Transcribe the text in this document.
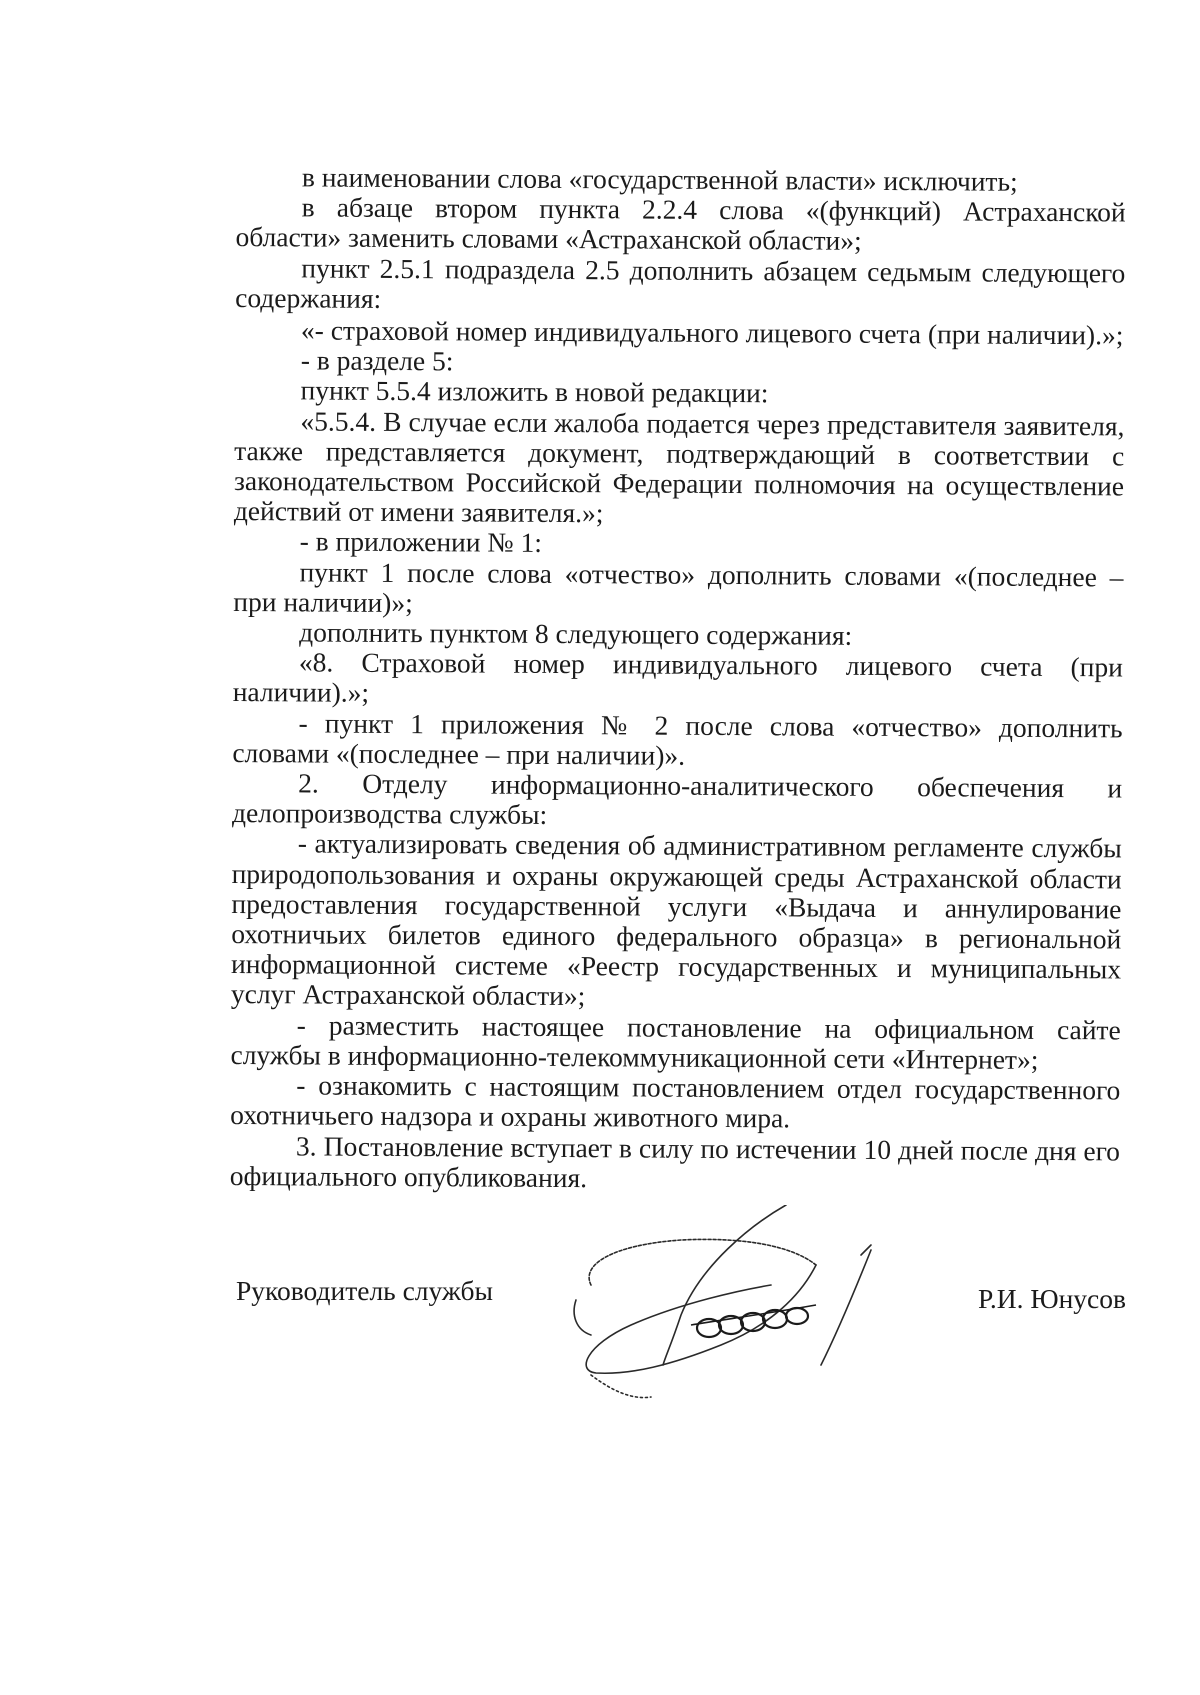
в наименовании слова «государственной власти» исключить;

в абзаце втором пункта 2.2.4 слова «(функций) Астраханской области» заменить словами «Астраханской области»;

пункт 2.5.1 подраздела 2.5 дополнить абзацем седьмым следующего содержания:

«- страховой номер индивидуального лицевого счета (при наличии).»;

- в разделе 5:

пункт 5.5.4 изложить в новой редакции:

«5.5.4. В случае если жалоба подается через представителя заявителя, также представляется документ, подтверждающий в соответствии с законодательством Российской Федерации полномочия на осуществление действий от имени заявителя.»;

- в приложении № 1:

пункт 1 после слова «отчество» дополнить словами «(последнее – при наличии)»;

дополнить пунктом 8 следующего содержания:

«8. Страховой номер индивидуального лицевого счета (при наличии).»;

- пункт 1 приложения № 2 после слова «отчество» дополнить словами «(последнее – при наличии)».

2. Отделу информационно-аналитического обеспечения и делопроизводства службы:

- актуализировать сведения об административном регламенте службы природопользования и охраны окружающей среды Астраханской области предоставления государственной услуги «Выдача и аннулирование охотничьих билетов единого федерального образца» в региональной информационной системе «Реестр государственных и муниципальных услуг Астраханской области»;

- разместить настоящее постановление на официальном сайте службы в информационно-телекоммуникационной сети «Интернет»;

- ознакомить с настоящим постановлением отдел государственного охотничьего надзора и охраны животного мира.

3. Постановление вступает в силу по истечении 10 дней после дня его официального опубликования.

Руководитель службы	Р.И. Юнусов
